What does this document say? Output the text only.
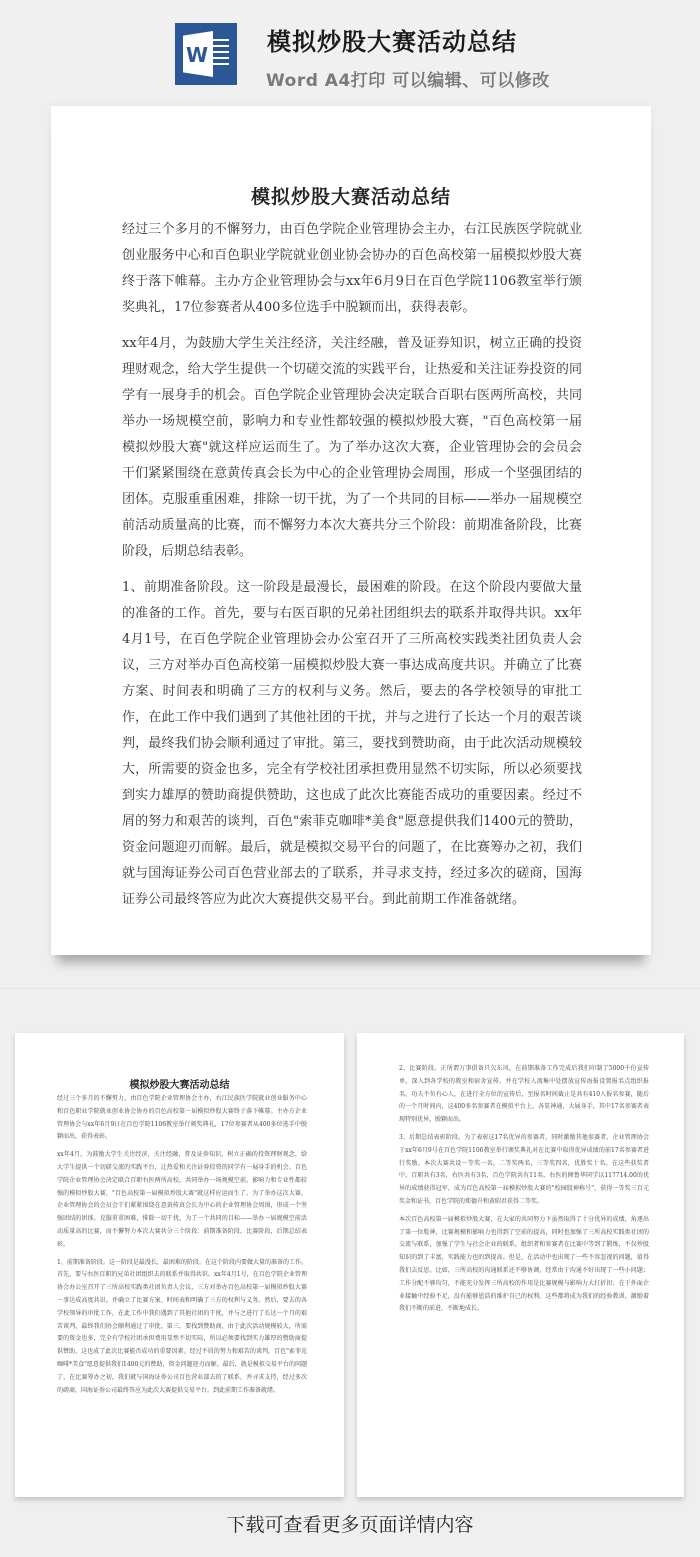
W 模拟炒股大赛活动总结
Word A4打印 可以编辑、可以修改
模拟炒股大赛活动总结

经过三个多月的不懈努力，由百色学院企业管理协会主办，右江民族医学院就业创业服务中心和百色职业学院就业创业协会协办的百色高校第一届模拟炒股大赛终于落下帷幕。主办方企业管理协会与xx年6月9日在百色学院1106教室举行颁奖典礼，17位参赛者从400多位选手中脱颖而出，获得表彰。

xx年4月，为鼓励大学生关注经济，关注经融，普及证券知识，树立正确的投资理财观念，给大学生提供一个切磋交流的实践平台，让热爱和关注证券投资的同学有一展身手的机会。百色学院企业管理协会决定联合百职右医两所高校，共同举办一场规模空前，影响力和专业性都较强的模拟炒股大赛，"百色高校第一届模拟炒股大赛"就这样应运而生了。为了举办这次大赛，企业管理协会的会员会干们紧紧围绕在意黄传真会长为中心的企业管理协会周围，形成一个坚强团结的团体。克服重重困难，排除一切干扰，为了一个共同的目标——举办一届规模空前活动质量高的比赛，而不懈努力本次大赛共分三个阶段：前期准备阶段，比赛阶段，后期总结表彰。

1、前期准备阶段。这一阶段是最漫长，最困难的阶段。在这个阶段内要做大量的准备的工作。首先，要与右医百职的兄弟社团组织去的联系并取得共识。xx年4月1号，在百色学院企业管理协会办公室召开了三所高校实践类社团负责人会议，三方对举办百色高校第一届模拟炒股大赛一事达成高度共识。并确立了比赛方案、时间表和明确了三方的权利与义务。然后，要去的各学校领导的审批工作，在此工作中我们遇到了其他社团的干扰，并与之进行了长达一个月的艰苦谈判，最终我们协会顺利通过了审批。第三，要找到赞助商，由于此次活动规模较大，所需要的资金也多，完全有学校社团承担费用显然不切实际，所以必须要找到实力雄厚的赞助商提供赞助，这也成了此次比赛能否成功的重要因素。经过不屑的努力和艰苦的谈判，百色"索菲克咖啡*美食"愿意提供我们1400元的赞助，资金问题迎刃而解。最后，就是模拟交易平台的问题了，在比赛筹办之初，我们就与国海证券公司百色营业部去的了联系，并寻求支持，经过多次的磋商，国海证券公司最终答应为此次大赛提供交易平台。到此前期工作准备就绪。

模拟炒股大赛活动总结

经过三个多月的不懈努力，由百色学院企业管理协会主办，右江民族医学院就业创业服务中心和百色职业学院就业创业协会协办的百色高校第一届模拟炒股大赛终于落下帷幕。主办方企业管理协会与xx年6月9日在百色学院1106教室举行颁奖典礼，17位参赛者从400多位选手中脱颖而出，获得表彰。

xx年4月，为鼓励大学生关注经济，关注经融，普及证券知识，树立正确的投资理财观念，给大学生提供一个切磋交流的实践平台，让热爱和关注证券投资的同学有一展身手的机会。百色学院企业管理协会决定联合百职右医两所高校，共同举办一场规模空前，影响力和专业性都较强的模拟炒股大赛，"百色高校第一届模拟炒股大赛"就这样应运而生了。为了举办这次大赛，企业管理协会的会员会干们紧紧围绕在意黄传真会长为中心的企业管理协会周围，形成一个坚强团结的团体。克服重重困难，排除一切干扰，为了一个共同的目标——举办一届规模空前活动质量高的比赛，而不懈努力本次大赛共分三个阶段：前期准备阶段，比赛阶段，后期总结表彰。

1、前期准备阶段。这一阶段是最漫长，最困难的阶段。在这个阶段内要做大量的准备的工作。首先，要与右医百职的兄弟社团组织去的联系并取得共识。xx年4月1号，在百色学院企业管理协会办公室召开了三所高校实践类社团负责人会议，三方对举办百色高校第一届模拟炒股大赛一事达成高度共识。并确立了比赛方案、时间表和明确了三方的权利与义务。然后，要去的各学校领导的审批工作，在此工作中我们遇到了其他社团的干扰，并与之进行了长达一个月的艰苦谈判，最终我们协会顺利通过了审批。第三，要找到赞助商，由于此次活动规模较大，所需要的资金也多，完全有学校社团承担费用显然不切实际，所以必须要找到实力雄厚的赞助商提供赞助，这也成了此次比赛能否成功的重要因素。经过不屑的努力和艰苦的谈判，百色"索菲克咖啡*美食"愿意提供我们1400元的赞助，资金问题迎刃而解。最后，就是模拟交易平台的问题了，在比赛筹办之初，我们就与国海证券公司百色营业部去的了联系，并寻求支持，经过多次的磋商，国海证券公司最终答应为此次大赛提供交易平台。到此前期工作准备就绪。

2、比赛阶段。正所谓万事俱备只欠东风，在前期准备工作完成后我们印制了5000千份宣传单，深入到各学校的教室和宿舍宣传，并在学校人流集中处摆放宣传海报设置报名点组织报名。功夫不负有心人，在进行全方位的宣传后，至报名时间截止是共有410人报名参赛，随后的一个月时间内，这400多名参赛者在模拟平台上，各显神通，大展身手，其中17名参赛者表现特别优异，脱颖而出。

3、后期总结表彰阶段。为了表彰这17名优异的参赛者，同时激励其他参赛者，企业管理协会于xx年6月9号在百色学院1106教室举行颁奖典礼对在比赛中取得优异成绩的前17名参赛者进行奖励。本次大赛共设一等奖一名，二等奖两名，三等奖四名，优胜奖十名。在这些获奖者中，百职共有3名，右医共有3名，百色学院共有11名，右医的倾鲁华同学以117714.00的优异的成绩获得冠军，成为百色高校第一届模拟炒股大赛的"校园股神称号"，获得一等奖三百元奖金和证书，百色学院的郑德升和黄昭君获得二等奖。

本次百色高校第一届模拟炒股大赛，在大家的共同努力下虽然取得了十分优异的成绩，角逐出了第一位股神，比赛规模和影响力也得到了空前的提高，同时也加强了三所高校实践类社团的交流与联系，加强了学生与社会企业的联系，组织者和参赛者在比赛中等到了锻炼，不仅炒股知识的到了丰富，实践能力也的到提高。但是，在活动中也出现了一些不容忽视的问题，值得我们去反思。比如，三所高校的沟通联系还不够协调，经常由于沟通不好出现了一些小问题；工作分配不够均匀，不能充分发挥三所高校的作用是比赛规模与影响力大打折扣；在于外面企业接触中经验不足，没有能够恩浩的维护自己的权利。这些都将成为我们的经验教训，激励着我们不断的前进，不断地成长。

下载可查看更多页面详情内容
